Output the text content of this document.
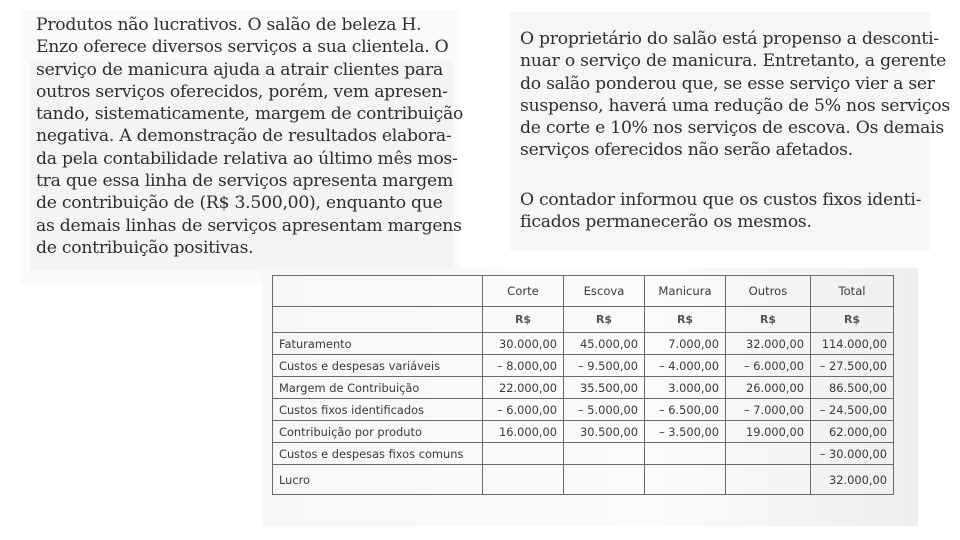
Produtos não lucrativos. O salão de beleza H.
Enzo oferece diversos serviços a sua clientela. O
serviço de manicura ajuda a atrair clientes para
outros serviços oferecidos, porém, vem apresen-
tando, sistematicamente, margem de contribuição
negativa. A demonstração de resultados elabora-
da pela contabilidade relativa ao último mês mos-
tra que essa linha de serviços apresenta margem
de contribuição de (R$ 3.500,00), enquanto que
as demais linhas de serviços apresentam margens
de contribuição positivas.

O proprietário do salão está propenso a desconti-
nuar o serviço de manicura. Entretanto, a gerente
do salão ponderou que, se esse serviço vier a ser
suspenso, haverá uma redução de 5% nos serviços
de corte e 10% nos serviços de escova. Os demais
serviços oferecidos não serão afetados.

O contador informou que os custos fixos identi-
ficados permanecerão os mesmos.

	Corte	Escova	Manicura	Outros	Total
	R$	R$	R$	R$	R$
Faturamento	30.000,00	45.000,00	7.000,00	32.000,00	114.000,00
Custos e despesas variáveis	– 8.000,00	– 9.500,00	– 4.000,00	– 6.000,00	– 27.500,00
Margem de Contribuição	22.000,00	35.500,00	3.000,00	26.000,00	86.500,00
Custos fixos identificados	– 6.000,00	– 5.000,00	– 6.500,00	– 7.000,00	– 24.500,00
Contribuição por produto	16.000,00	30.500,00	– 3.500,00	19.000,00	62.000,00
Custos e despesas fixos comuns					– 30.000,00
Lucro					32.000,00
